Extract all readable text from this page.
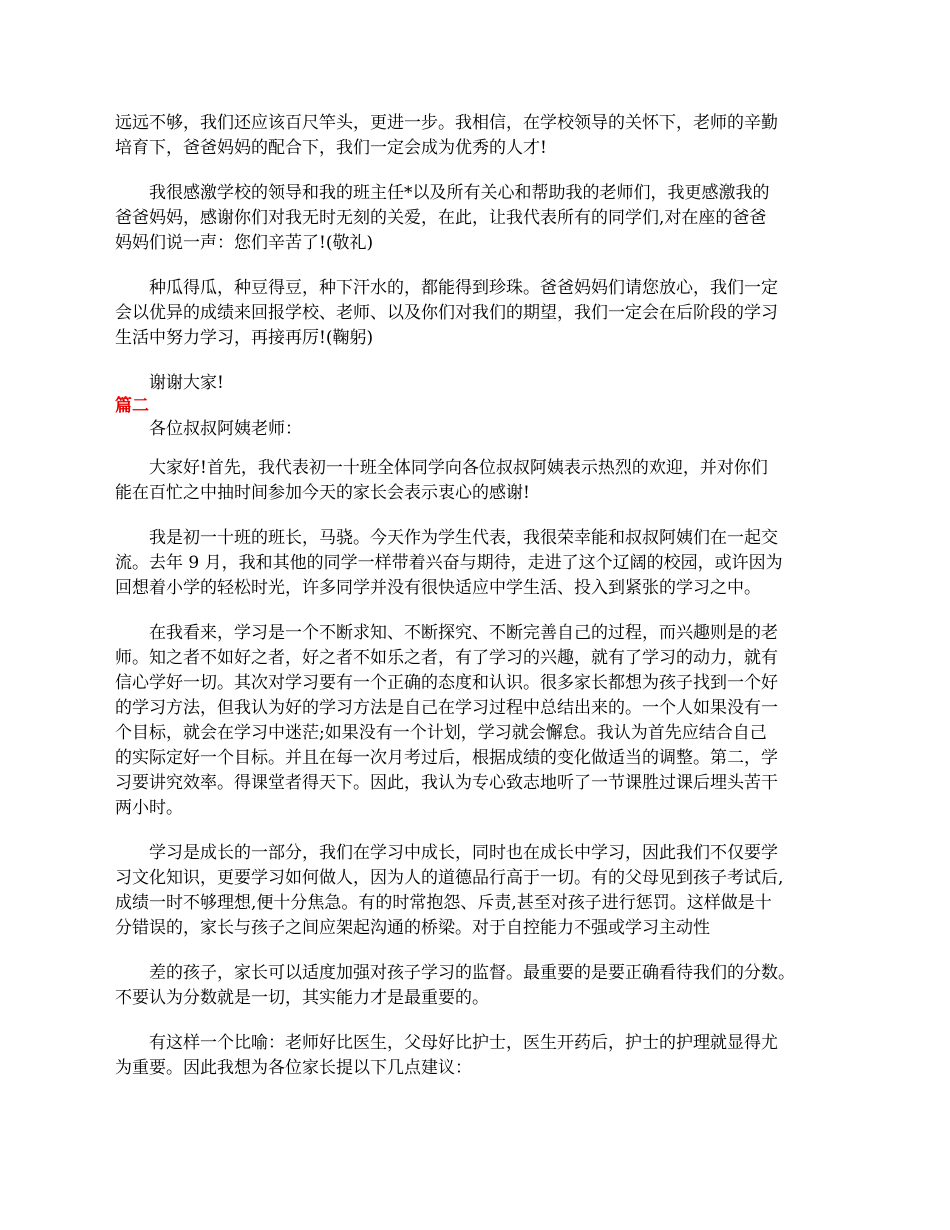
远远不够，我们还应该百尺竿头，更进一步。我相信，在学校领导的关怀下，老师的辛勤
培育下，爸爸妈妈的配合下，我们一定会成为优秀的人才!
我很感激学校的领导和我的班主任*以及所有关心和帮助我的老师们，我更感激我的
爸爸妈妈，感谢你们对我无时无刻的关爱，在此，让我代表所有的同学们,对在座的爸爸
妈妈们说一声：您们辛苦了!(敬礼)
种瓜得瓜，种豆得豆，种下汗水的，都能得到珍珠。爸爸妈妈们请您放心，我们一定
会以优异的成绩来回报学校、老师、以及你们对我们的期望，我们一定会在后阶段的学习
生活中努力学习，再接再厉!(鞠躬)
谢谢大家!
篇二
各位叔叔阿姨老师：
大家好!首先，我代表初一十班全体同学向各位叔叔阿姨表示热烈的欢迎，并对你们
能在百忙之中抽时间参加今天的家长会表示衷心的感谢!
我是初一十班的班长，马骁。今天作为学生代表，我很荣幸能和叔叔阿姨们在一起交
流。去年 9 月，我和其他的同学一样带着兴奋与期待，走进了这个辽阔的校园，或许因为
回想着小学的轻松时光，许多同学并没有很快适应中学生活、投入到紧张的学习之中。
在我看来，学习是一个不断求知、不断探究、不断完善自己的过程，而兴趣则是的老
师。知之者不如好之者，好之者不如乐之者，有了学习的兴趣，就有了学习的动力，就有
信心学好一切。其次对学习要有一个正确的态度和认识。很多家长都想为孩子找到一个好
的学习方法，但我认为好的学习方法是自己在学习过程中总结出来的。一个人如果没有一
个目标，就会在学习中迷茫;如果没有一个计划，学习就会懈怠。我认为首先应结合自己
的实际定好一个目标。并且在每一次月考过后，根据成绩的变化做适当的调整。第二，学
习要讲究效率。得课堂者得天下。因此，我认为专心致志地听了一节课胜过课后埋头苦干
两小时。
学习是成长的一部分，我们在学习中成长，同时也在成长中学习，因此我们不仅要学
习文化知识，更要学习如何做人，因为人的道德品行高于一切。有的父母见到孩子考试后,
成绩一时不够理想,便十分焦急。有的时常抱怨、斥责,甚至对孩子进行惩罚。这样做是十
分错误的，家长与孩子之间应架起沟通的桥梁。对于自控能力不强或学习主动性
差的孩子，家长可以适度加强对孩子学习的监督。最重要的是要正确看待我们的分数。
不要认为分数就是一切，其实能力才是最重要的。
有这样一个比喻：老师好比医生，父母好比护士，医生开药后，护士的护理就显得尤
为重要。因此我想为各位家长提以下几点建议：
